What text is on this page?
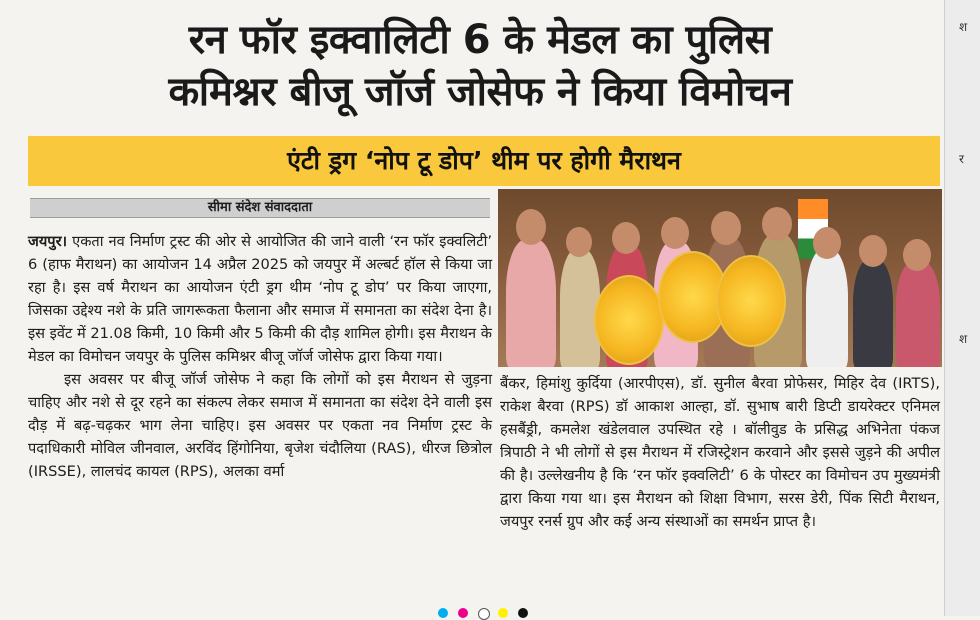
रन फॉर इक्वालिटी 6 के मेडल का पुलिस
कमिश्नर बीजू जॉर्ज जोसेफ ने किया विमोचन
एंटी ड्रग ‘नोप टू डोप’ थीम पर होगी मैराथन
सीमा संदेश संवाददाता

जयपुर। एकता नव निर्माण ट्रस्ट की ओर से आयोजित की जाने वाली ‘रन फॉर इक्वलिटी’ 6 (हाफ मैराथन) का आयोजन 14 अप्रैल 2025 को जयपुर में अल्बर्ट हॉल से किया जा रहा है। इस वर्ष मैराथन का आयोजन एंटी ड्रग थीम ‘नोप टू डोप’ पर किया जाएगा, जिसका उद्देश्य नशे के प्रति जागरूकता फैलाना और समाज में समानता का संदेश देना है। इस इवेंट में 21.08 किमी, 10 किमी और 5 किमी की दौड़ शामिल होगी। इस मैराथन के मेडल का विमोचन जयपुर के पुलिस कमिश्नर बीजू जॉर्ज जोसेफ द्वारा किया गया।

इस अवसर पर बीजू जॉर्ज जोसेफ ने कहा कि लोगों को इस मैराथन से जुड़ना चाहिए और नशे से दूर रहने का संकल्प लेकर समाज में समानता का संदेश देने वाली इस दौड़ में बढ़-चढ़कर भाग लेना चाहिए। इस अवसर पर एकता नव निर्माण ट्रस्ट के पदाधिकारी मोविल जीनवाल, अरविंद हिंगोनिया, बृजेश चंदौलिया (RAS), धीरज छित्रोल (IRSSE), लालचंद कायल (RPS), अलका वर्मा

बैंकर, हिमांशु कुर्दिया (आरपीएस), डॉ. सुनील बैरवा प्रोफेसर, मिहिर देव (IRTS), राकेश बैरवा (RPS) डॉ आकाश आल्हा, डॉ. सुभाष बारी डिप्टी डायरेक्टर एनिमल हसबैंड्री, कमलेश खंडेलवाल उपस्थित रहे । बॉलीवुड के प्रसिद्ध अभिनेता पंकज त्रिपाठी ने भी लोगों से इस मैराथन में रजिस्ट्रेशन करवाने और इससे जुड़ने की अपील की है। उल्लेखनीय है कि ‘रन फॉर इक्वलिटी’ 6 के पोस्टर का विमोचन उप मुख्यमंत्री द्वारा किया गया था। इस मैराथन को शिक्षा विभाग, सरस डेरी, पिंक सिटी मैराथन, जयपुर रनर्स ग्रुप और कई अन्य संस्थाओं का समर्थन प्राप्त है।

श
र
श
